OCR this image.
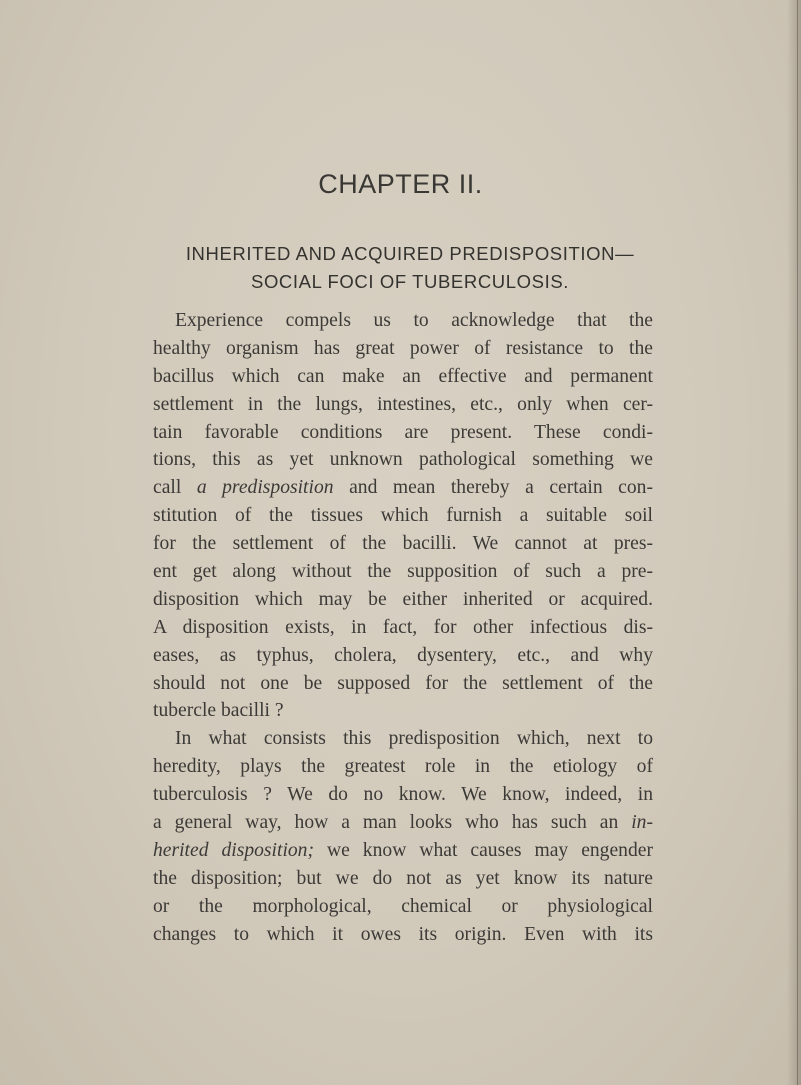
CHAPTER II.
INHERITED AND ACQUIRED PREDISPOSITION—
SOCIAL FOCI OF TUBERCULOSIS.
Experience compels us to acknowledge that the
healthy organism has great power of resistance to the
bacillus which can make an effective and permanent
settlement in the lungs, intestines, etc., only when cer-
tain favorable conditions are present. These condi-
tions, this as yet unknown pathological something we
call a predisposition and mean thereby a certain con-
stitution of the tissues which furnish a suitable soil
for the settlement of the bacilli. We cannot at pres-
ent get along without the supposition of such a pre-
disposition which may be either inherited or acquired.
A disposition exists, in fact, for other infectious dis-
eases, as typhus, cholera, dysentery, etc., and why
should not one be supposed for the settlement of the
tubercle bacilli ?
In what consists this predisposition which, next to
heredity, plays the greatest role in the etiology of
tuberculosis ? We do no know. We know, indeed, in
a general way, how a man looks who has such an in-
herited disposition; we know what causes may engender
the disposition; but we do not as yet know its nature
or the morphological, chemical or physiological
changes to which it owes its origin. Even with its
